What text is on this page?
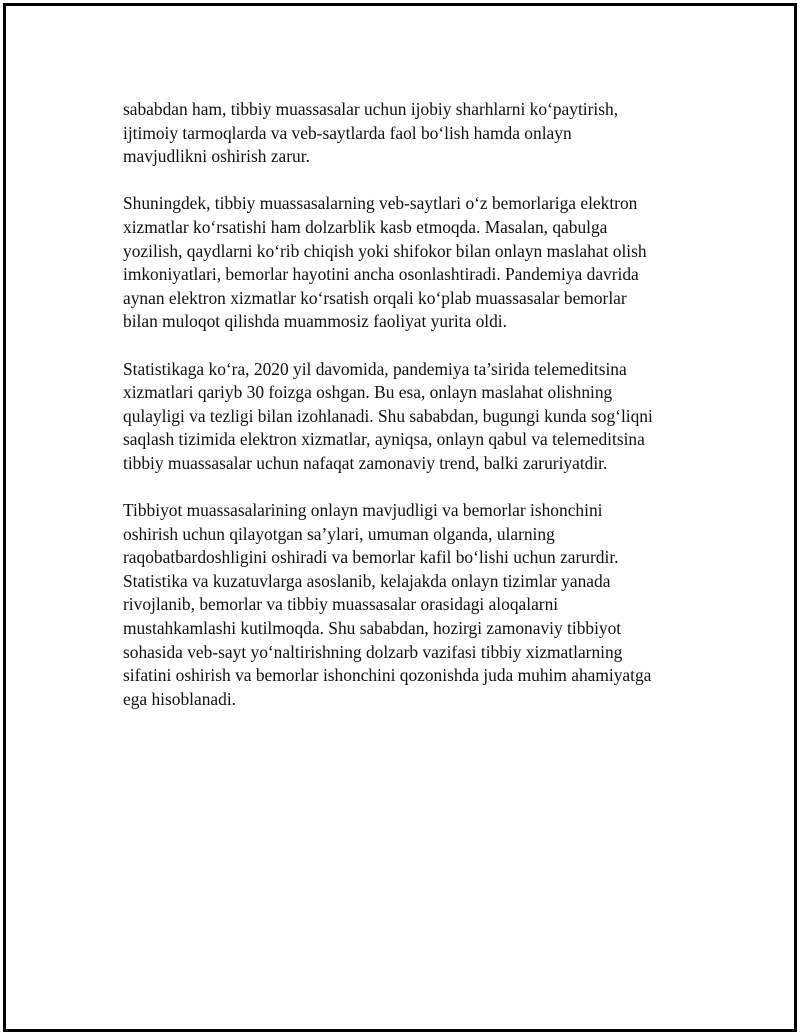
sababdan ham, tibbiy muassasalar uchun ijobiy sharhlarni koʻpaytirish,
ijtimoiy tarmoqlarda va veb-saytlarda faol boʻlish hamda onlayn
mavjudlikni oshirish zarur.

Shuningdek, tibbiy muassasalarning veb-saytlari oʻz bemorlariga elektron
xizmatlar koʻrsatishi ham dolzarblik kasb etmoqda. Masalan, qabulga
yozilish, qaydlarni koʻrib chiqish yoki shifokor bilan onlayn maslahat olish
imkoniyatlari, bemorlar hayotini ancha osonlashtiradi. Pandemiya davrida
aynan elektron xizmatlar koʻrsatish orqali koʻplab muassasalar bemorlar
bilan muloqot qilishda muammosiz faoliyat yurita oldi.

Statistikaga koʻra, 2020 yil davomida, pandemiya ta’sirida telemeditsina
xizmatlari qariyb 30 foizga oshgan. Bu esa, onlayn maslahat olishning
qulayligi va tezligi bilan izohlanadi. Shu sababdan, bugungi kunda sogʻliqni
saqlash tizimida elektron xizmatlar, ayniqsa, onlayn qabul va telemeditsina
tibbiy muassasalar uchun nafaqat zamonaviy trend, balki zaruriyatdir.

Tibbiyot muassasalarining onlayn mavjudligi va bemorlar ishonchini
oshirish uchun qilayotgan sa’ylari, umuman olganda, ularning
raqobatbardoshligini oshiradi va bemorlar kafil boʻlishi uchun zarurdir.
Statistika va kuzatuvlarga asoslanib, kelajakda onlayn tizimlar yanada
rivojlanib, bemorlar va tibbiy muassasalar orasidagi aloqalarni
mustahkamlashi kutilmoqda. Shu sababdan, hozirgi zamonaviy tibbiyot
sohasida veb-sayt yoʻnaltirishning dolzarb vazifasi tibbiy xizmatlarning
sifatini oshirish va bemorlar ishonchini qozonishda juda muhim ahamiyatga
ega hisoblanadi.
